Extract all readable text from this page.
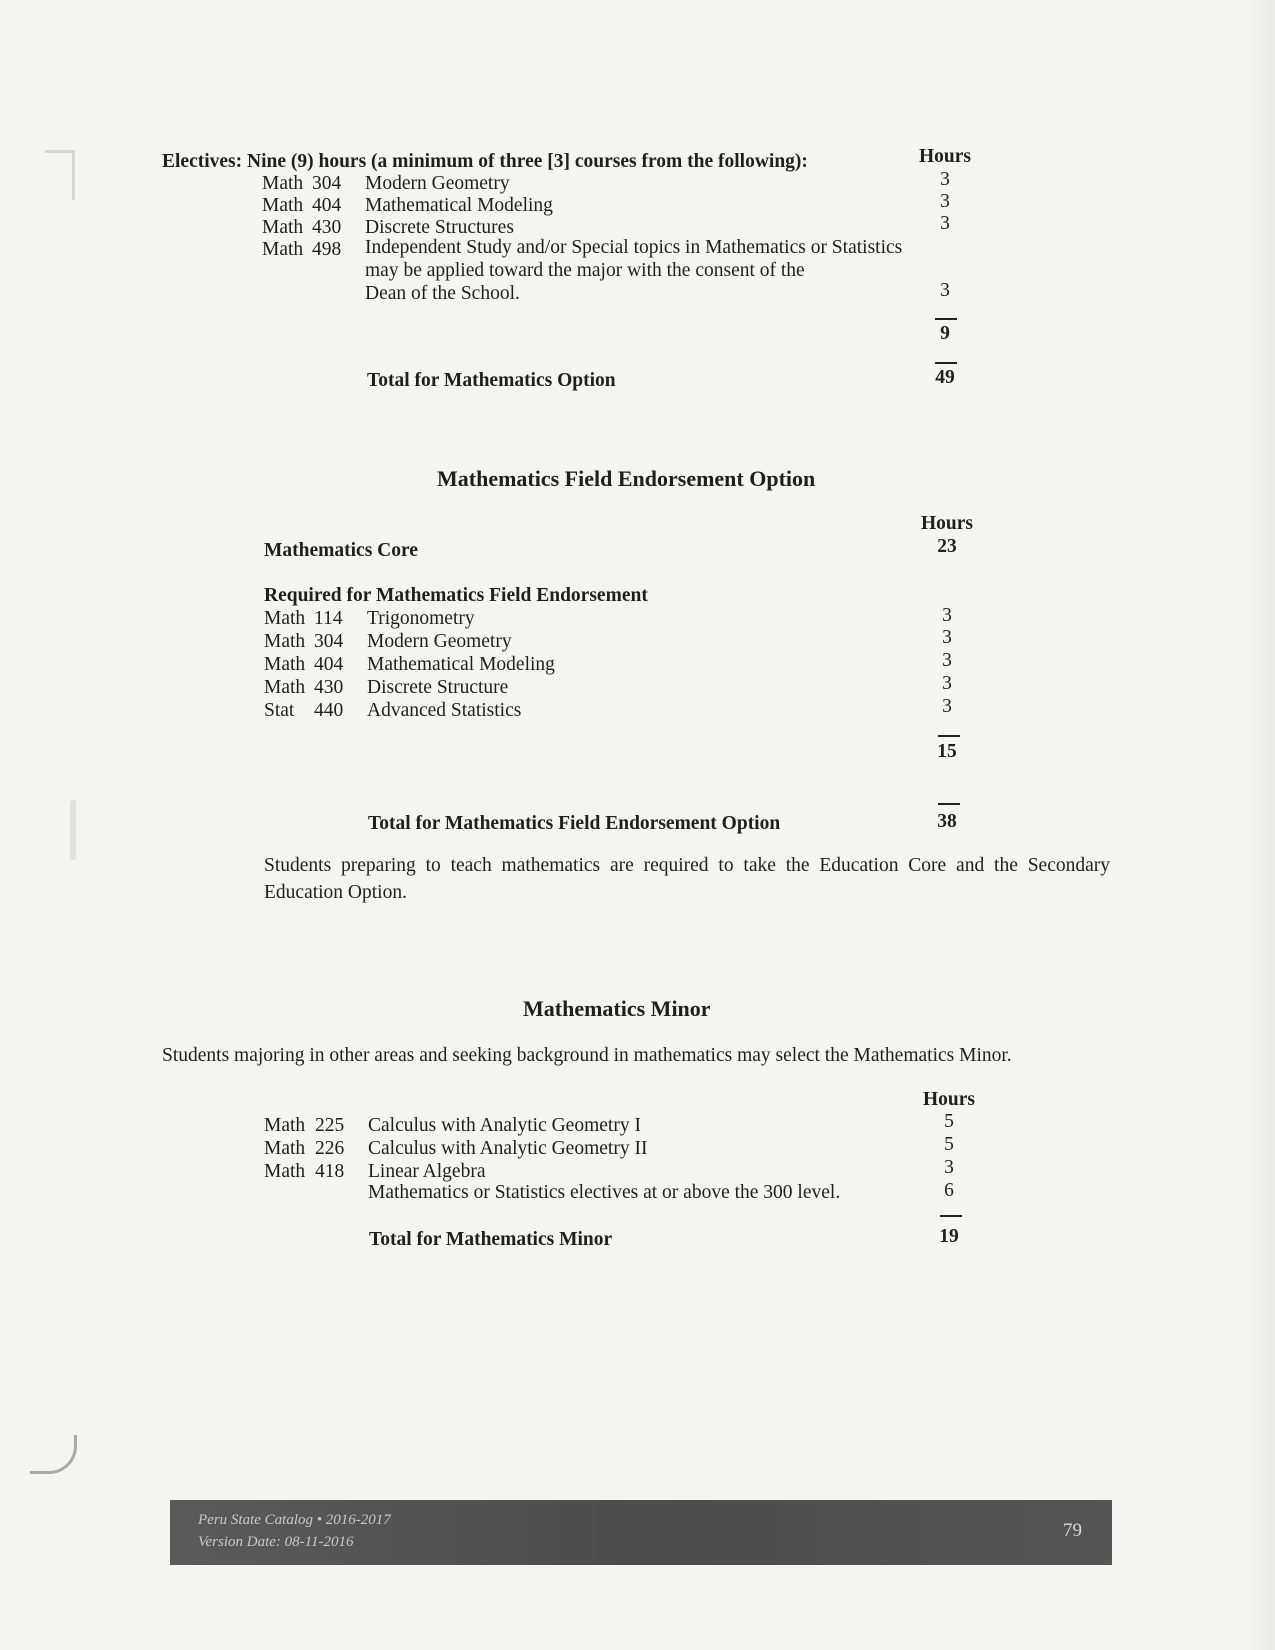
Electives: Nine (9) hours (a minimum of three [3] courses from the following):	Hours
Math 304 Modern Geometry	3
Math 404 Mathematical Modeling	3
Math 430 Discrete Structures	3
Math 498 Independent Study and/or Special topics in Mathematics or Statistics
may be applied toward the major with the consent of the
Dean of the School.	3
9
Total for Mathematics Option	49
Mathematics Field Endorsement Option
Hours
Mathematics Core	23
Required for Mathematics Field Endorsement
Math 114 Trigonometry	3
Math 304 Modern Geometry	3
Math 404 Mathematical Modeling	3
Math 430 Discrete Structure	3
Stat 440 Advanced Statistics	3
15
Total for Mathematics Field Endorsement Option	38
Students preparing to teach mathematics are required to take the Education Core and the Secondary Education Option.
Mathematics Minor
Students majoring in other areas and seeking background in mathematics may select the Mathematics Minor.
Hours
Math 225 Calculus with Analytic Geometry I	5
Math 226 Calculus with Analytic Geometry II	5
Math 418 Linear Algebra	3
Mathematics or Statistics electives at or above the 300 level.	6
Total for Mathematics Minor	19
Peru State Catalog • 2016-2017
Version Date: 08-11-2016
79
